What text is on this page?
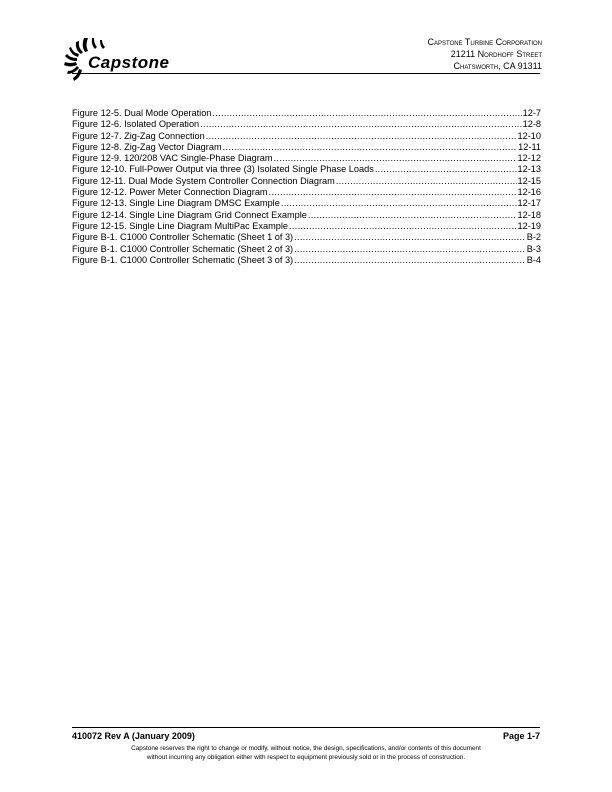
Capstone
Capstone Turbine Corporation
21211 Nordhoff Street
Chatsworth, CA 91311
Figure 12-5. Dual Mode Operation .....	12-7
Figure 12-6. Isolated Operation .....	12-8
Figure 12-7. Zig-Zag Connection .....	12-10
Figure 12-8. Zig-Zag Vector Diagram .....	12-11
Figure 12-9. 120/208 VAC Single-Phase Diagram .....	12-12
Figure 12-10. Full-Power Output via three (3) Isolated Single Phase Loads .....	12-13
Figure 12-11. Dual Mode System Controller Connection Diagram .....	12-15
Figure 12-12. Power Meter Connection Diagram .....	12-16
Figure 12-13. Single Line Diagram DMSC Example .....	12-17
Figure 12-14. Single Line Diagram Grid Connect Example .....	12-18
Figure 12-15. Single Line Diagram MultiPac Example .....	12-19
Figure B-1. C1000 Controller Schematic (Sheet 1 of 3) .....	B-2
Figure B-1. C1000 Controller Schematic (Sheet 2 of 3) .....	B-3
Figure B-1. C1000 Controller Schematic (Sheet 3 of 3) .....	B-4
410072 Rev A (January 2009)	Page 1-7
Capstone reserves the right to change or modify, without notice, the design, specifications, and/or contents of this document
without incurring any obligation either with respect to equipment previously sold or in the process of construction.
